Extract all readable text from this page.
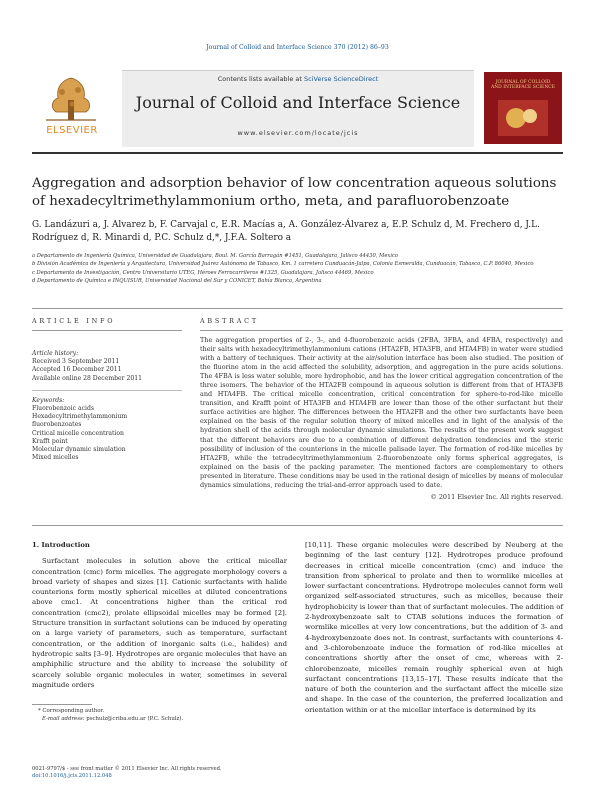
Journal of Colloid and Interface Science 370 (2012) 86–93
ELSEVIER
Contents lists available at SciVerse ScienceDirect
Journal of Colloid and Interface Science
www.elsevier.com/locate/jcis
JOURNAL OF COLLOID AND INTERFACE SCIENCE
Aggregation and adsorption behavior of low concentration aqueous solutions of hexadecyltrimethylammonium ortho, meta, and parafluorobenzoate
G. Landázuri a, J. Alvarez b, F. Carvajal c, E.R. Macías a, A. González-Álvarez a, E.P. Schulz d, M. Frechero d, J.L. Rodríguez d, R. Minardi d, P.C. Schulz d,*, J.F.A. Soltero a
a Departamento de Ingeniería Química, Universidad de Guadalajara, Boul. M. García Barragán #1451, Guadalajara, Jalisco 44430, Mexico
b División Académica de Ingeniería y Arquitectura, Universidad Juárez Autónoma de Tabasco, Km. 1 carretera Cunduacán-Jalpa, Colonia Esmeralda, Cunduacán, Tabasco, C.P. 86040, Mexico
c Departamento de Investigación, Centro Universitario UTEG, Héroes Ferrocarrileros #1325, Guadalajara, Jalisco 44469, Mexico
d Departamento de Química e INQUISUR, Universidad Nacional del Sur y CONICET, Bahía Blanca, Argentina
ARTICLE INFO	ABSTRACT
Article history:
Received 3 September 2011
Accepted 16 December 2011
Available online 28 December 2011
Keywords:
Fluorobenzoic acids
Hexadecyltrimethylammonium fluorobenzoates
Critical micelle concentration
Krafft point
Molecular dynamic simulation
Mixed micelles
The aggregation properties of 2-, 3-, and 4-fluorobenzoic acids (2FBA, 3FBA, and 4FBA, respectively) and their salts with hexadecyltrimethylammonium cations (HTA2FB, HTA3FB, and HTA4FB) in water were studied with a battery of techniques. Their activity at the air/solution interface has been also studied. The position of the fluorine atom in the acid affected the solubility, adsorption, and aggregation in the pure acids solutions. The 4FBA is less water soluble, more hydrophobic, and has the lower critical aggregation concentration of the three isomers. The behavior of the HTA2FB compound in aqueous solution is different from that of HTA3FB and HTA4FB. The critical micelle concentration, critical concentration for sphere-to-rod-like micelle transition, and Krafft point of HTA3FB and HTA4FB are lower than those of the other surfactant but their surface activities are higher. The differences between the HTA2FB and the other two surfactants have been explained on the basis of the regular solution theory of mixed micelles and in light of the analysis of the hydration shell of the acids through molecular dynamic simulations. The results of the present work suggest that the different behaviors are due to a combination of different dehydration tendencies and the steric possibility of inclusion of the counterions in the micelle palisade layer. The formation of rod-like micelles by HTA2FB, while the tetradecyltrimethylammonium 2-fluorobenzoate only forms spherical aggregates, is explained on the basis of the packing parameter. The mentioned factors are complementary to others presented in literature. These conditions may be used in the rational design of micelles by means of molecular dynamics simulations, reducing the trial-and-error approach used to date.
© 2011 Elsevier Inc. All rights reserved.
1. Introduction

Surfactant molecules in solution above the critical micellar concentration (cmc) form micelles. The aggregate morphology covers a broad variety of shapes and sizes [1]. Cationic surfactants with halide counterions form mostly spherical micelles at diluted concentrations above cmc1. At concentrations higher than the critical rod concentration (cmc2), prolate ellipsoidal micelles may be formed [2]. Structure transition in surfactant solutions can be induced by operating on a large variety of parameters, such as temperature, surfactant concentration, or the addition of inorganic salts (i.e., halides) and hydrotropic salts [3–9]. Hydrotropes are organic molecules that have an amphiphilic structure and the ability to increase the solubility of scarcely soluble organic molecules in water, sometimes in several magnitude orders

[10,11]. These organic molecules were described by Neuberg at the beginning of the last century [12]. Hydrotropes produce profound decreases in critical micelle concentration (cmc) and induce the transition from spherical to prolate and then to wormlike micelles at lower surfactant concentrations. Hydrotrope molecules cannot form well organized self-associated structures, such as micelles, because their hydrophobicity is lower than that of surfactant molecules. The addition of 2-hydroxybenzoate salt to CTAB solutions induces the formation of wormlike micelles at very low concentrations, but the addition of 3- and 4-hydroxybenzoate does not. In contrast, surfactants with counterions 4- and 3-chlorobenzoate induce the formation of rod-like micelles at concentrations shortly after the onset of cmc, whereas with 2-chlorobenzoate, micelles remain roughly spherical even at high surfactant concentrations [13,15–17]. These results indicate that the nature of both the counterion and the surfactant affect the micelle size and shape. In the case of the counterion, the preferred localization and orientation within or at the micellar interface is determined by its

* Corresponding author.
E-mail address: pschulz@criba.edu.ar (P.C. Schulz).
0021-9797/$ - see front matter © 2011 Elsevier Inc. All rights reserved.
doi:10.1016/j.jcis.2011.12.048
